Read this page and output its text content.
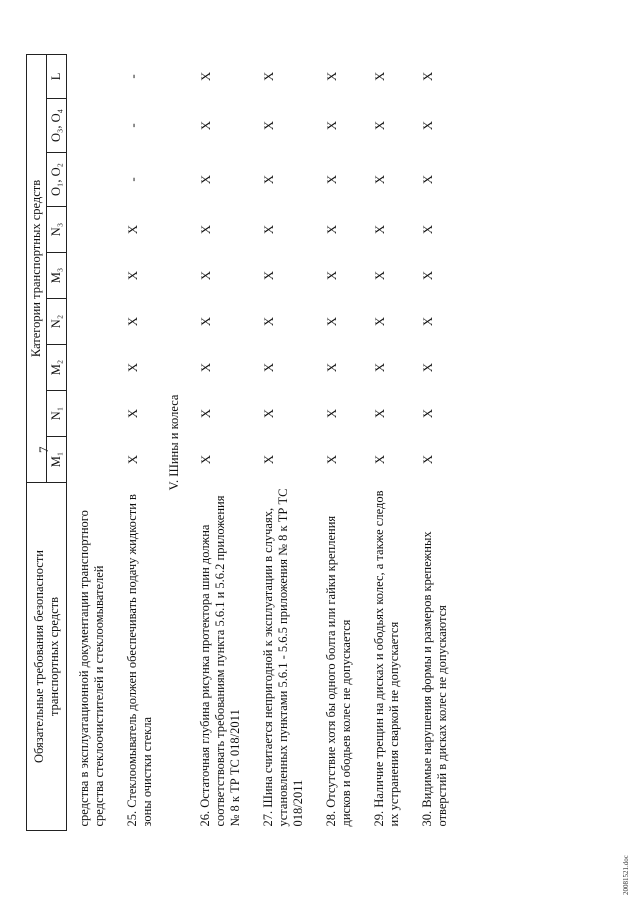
7
Обязательные требования безопасности
транспортных средств	Категории транспортных средств								
	M₁	N₁	M₂	N₂	M₃	N₃	O₁, O₂	O₃, O₄	L
средства в эксплуатационной документации транспортного средства стеклоочистителей и стеклоомывателей									
25. Стеклоомыватель должен обеспечивать подачу жидкости в зоны очистки стекла	X	X	X	X	X	X	-	-	-
V. Шины и колеса									
26. Остаточная глубина рисунка протектора шин должна соответствовать требованиям пункта 5.6.1 и 5.6.2 приложения № 8 к ТР ТС 018/2011	X	X	X	X	X	X	X	X	X
27. Шина считается непригодной к эксплуатации в случаях, установленных пунктами 5.6.1 - 5.6.5 приложения № 8 к ТР ТС 018/2011	X	X	X	X	X	X	X	X	X
28. Отсутствие хотя бы одного болта или гайки крепления дисков и ободьев колес не допускается	X	X	X	X	X	X	X	X	X
29. Наличие трещин на дисках и ободьях колес, а также следов их устранения сваркой не допускается	X	X	X	X	X	X	X	X	X
30. Видимые нарушения формы и размеров крепежных отверстий в дисках колес не допускаются	X	X	X	X	X	X	X	X	X
20081521.doc
